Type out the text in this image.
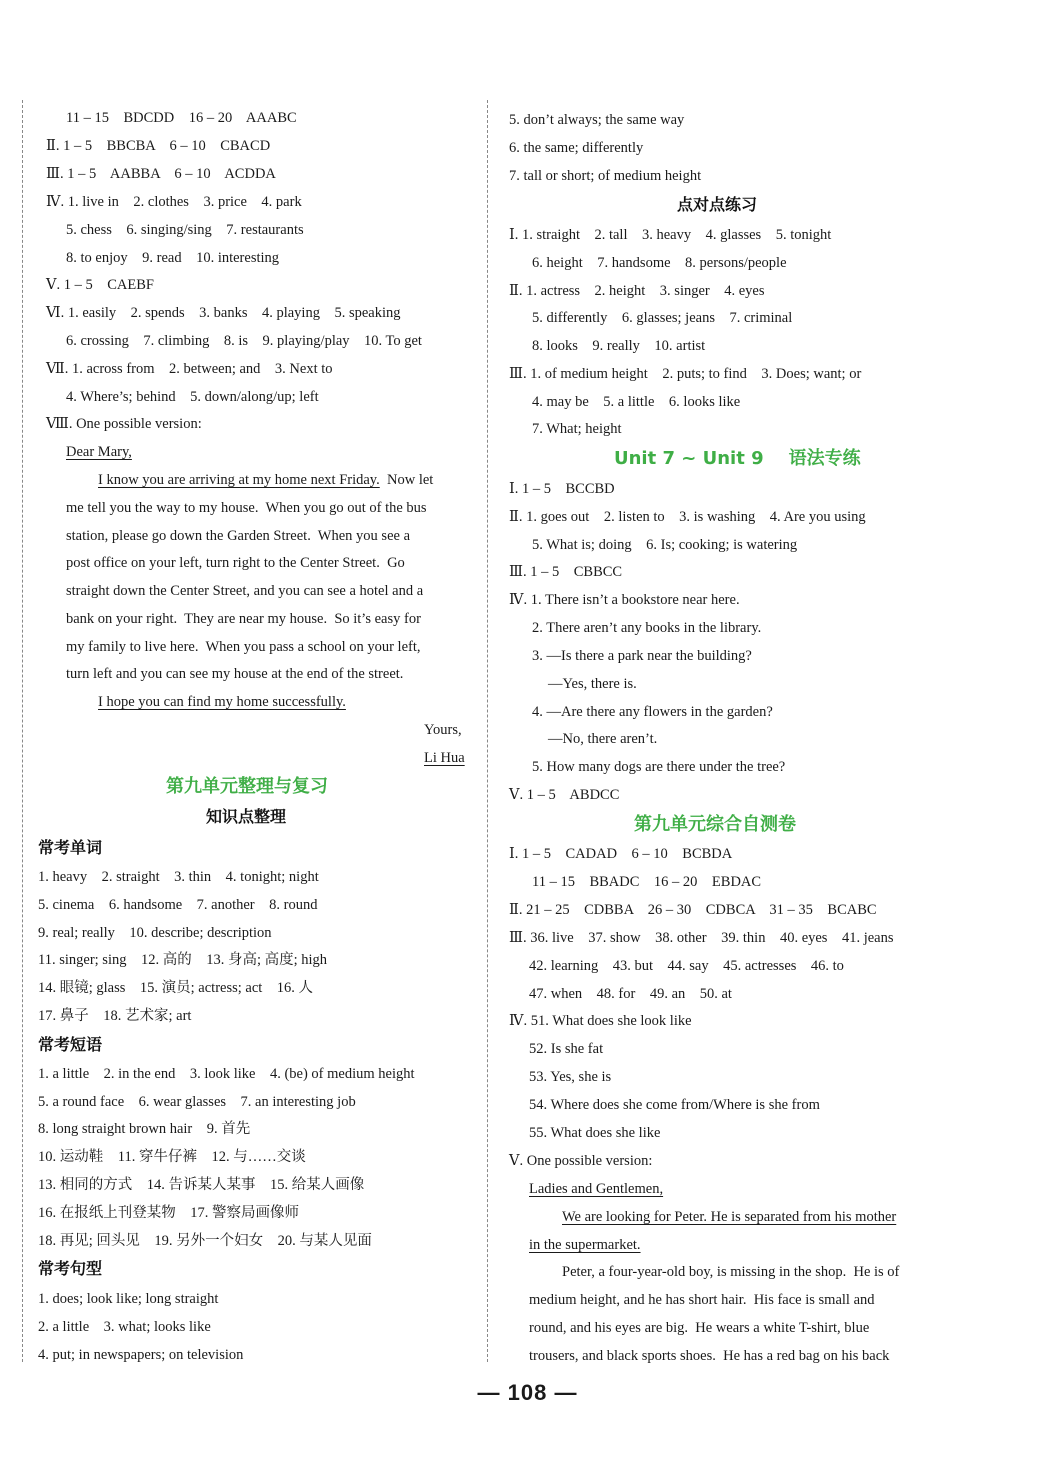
11 – 15    BDCDD    16 – 20    AAABC
Ⅱ. 1 – 5    BBCBA    6 – 10    CBACD
Ⅲ. 1 – 5    AABBA    6 – 10    ACDDA
Ⅳ. 1. live in    2. clothes    3. price    4. park
5. chess    6. singing/sing    7. restaurants
8. to enjoy    9. read    10. interesting
Ⅴ. 1 – 5    CAEBF
Ⅵ. 1. easily    2. spends    3. banks    4. playing    5. speaking
6. crossing    7. climbing    8. is    9. playing/play    10. To get
Ⅶ. 1. across from    2. between; and    3. Next to
4. Where’s; behind    5. down/along/up; left
Ⅷ. One possible version:
Dear Mary,
I know you are arriving at my home next Friday.  Now let
me tell you the way to my house.  When you go out of the bus
station, please go down the Garden Street.  When you see a
post office on your left, turn right to the Center Street.  Go
straight down the Center Street, and you can see a hotel and a
bank on your right.  They are near my house.  So it’s easy for
my family to live here.  When you pass a school on your left,
turn left and you can see my house at the end of the street.
I hope you can find my home successfully.
Yours,
Li Hua
第九单元整理与复习
知识点整理
常考单词
1. heavy    2. straight    3. thin    4. tonight; night
5. cinema    6. handsome    7. another    8. round
9. real; really    10. describe; description
11. singer; sing    12. 高的    13. 身高; 高度; high
14. 眼镜; glass    15. 演员; actress; act    16. 人
17. 鼻子    18. 艺术家; art
常考短语
1. a little    2. in the end    3. look like    4. (be) of medium height
5. a round face    6. wear glasses    7. an interesting job
8. long straight brown hair    9. 首先
10. 运动鞋    11. 穿牛仔裤    12. 与……交谈
13. 相同的方式    14. 告诉某人某事    15. 给某人画像
16. 在报纸上刊登某物    17. 警察局画像师
18. 再见; 回头见    19. 另外一个妇女    20. 与某人见面
常考句型
1. does; look like; long straight
2. a little    3. what; looks like
4. put; in newspapers; on television
5. don’t always; the same way
6. the same; differently
7. tall or short; of medium height
点对点练习
Ⅰ. 1. straight    2. tall    3. heavy    4. glasses    5. tonight
6. height    7. handsome    8. persons/people
Ⅱ. 1. actress    2. height    3. singer    4. eyes
5. differently    6. glasses; jeans    7. criminal
8. looks    9. really    10. artist
Ⅲ. 1. of medium height    2. puts; to find    3. Does; want; or
4. may be    5. a little    6. looks like
7. What; height
Unit 7 ~ Unit 9    语法专练
Ⅰ. 1 – 5    BCCBD
Ⅱ. 1. goes out    2. listen to    3. is washing    4. Are you using
5. What is; doing    6. Is; cooking; is watering
Ⅲ. 1 – 5    CBBCC
Ⅳ. 1. There isn’t a bookstore near here.
2. There aren’t any books in the library.
3. —Is there a park near the building?
—Yes, there is.
4. —Are there any flowers in the garden?
—No, there aren’t.
5. How many dogs are there under the tree?
Ⅴ. 1 – 5    ABDCC
第九单元综合自测卷
Ⅰ. 1 – 5    CADAD    6 – 10    BCBDA
11 – 15    BBADC    16 – 20    EBDAC
Ⅱ. 21 – 25    CDBBA    26 – 30    CDBCA    31 – 35    BCABC
Ⅲ. 36. live    37. show    38. other    39. thin    40. eyes    41. jeans
42. learning    43. but    44. say    45. actresses    46. to
47. when    48. for    49. an    50. at
Ⅳ. 51. What does she look like
52. Is she fat
53. Yes, she is
54. Where does she come from/Where is she from
55. What does she like
Ⅴ. One possible version:
Ladies and Gentlemen,
We are looking for Peter. He is separated from his mother
in the supermarket.
Peter, a four-year-old boy, is missing in the shop.  He is of
medium height, and he has short hair.  His face is small and
round, and his eyes are big.  He wears a white T-shirt, blue
trousers, and black sports shoes.  He has a red bag on his back
— 108 —
